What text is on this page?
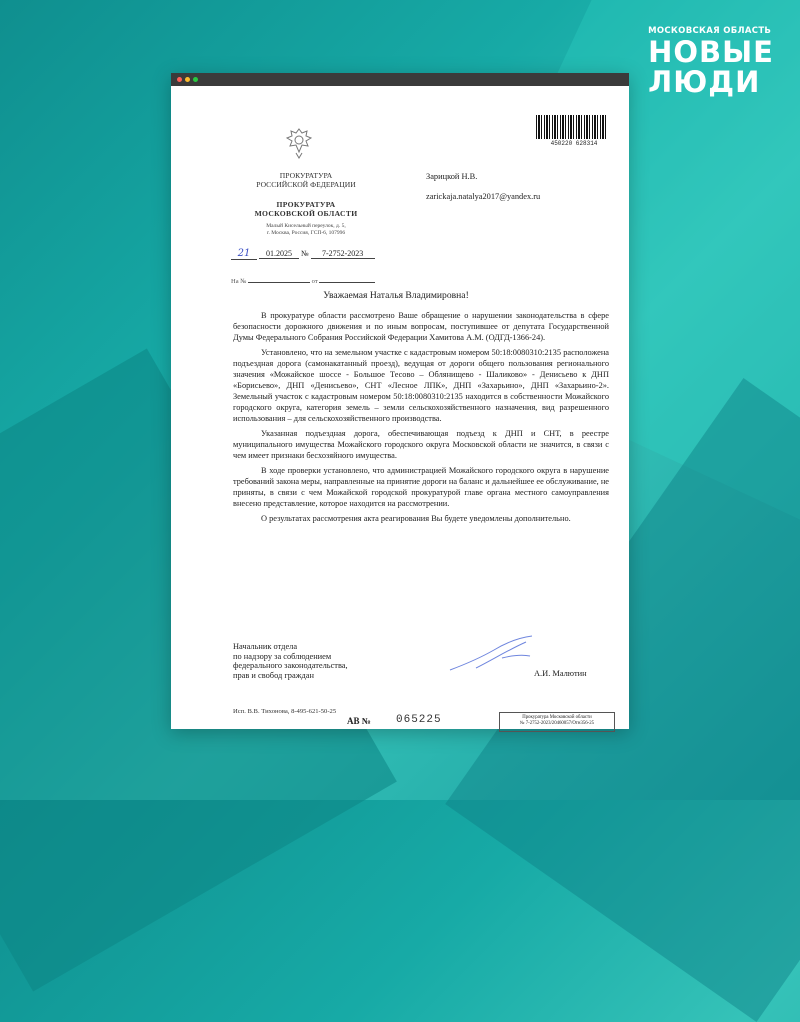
МОСКОВСКАЯ ОБЛАСТЬ
НОВЫЕ
ЛЮДИ
450220 628314
ПРОКУРАТУРА
РОССИЙСКОЙ ФЕДЕРАЦИИ
ПРОКУРАТУРА
МОСКОВСКОЙ ОБЛАСТИ
Малый Кисельный переулок, д. 5,
г. Москва, Россия, ГСП-6, 107996
Зарицкой Н.В.
zarickaja.natalya2017@yandex.ru
21 01.2025 № 7-2752-2023
На №	от
Уважаемая Наталья Владимировна!

В прокуратуре области рассмотрено Ваше обращение о нарушении законодательства в сфере безопасности дорожного движения и по иным вопросам, поступившее от депутата Государственной Думы Федерального Собрания Российской Федерации Хамитова А.М. (ОДГД-1366-24).

Установлено, что на земельном участке с кадастровым номером 50:18:0080310:2135 расположена подъездная дорога (самонакатанный проезд), ведущая от дороги общего пользования регионального значения «Можайское шоссе - Большое Тесово – Облянищево - Шаликово» - Денисьево к ДНП «Борисьево», ДНП «Денисьево», СНТ «Лесное ЛПК», ДНП «Захарьино», ДНП «Захарьино-2». Земельный участок с кадастровым номером 50:18:0080310:2135 находится в собственности Можайского городского округа, категория земель – земли сельскохозяйственного назначения, вид разрешенного использования – для сельскохозяйственного производства.

Указанная подъездная дорога, обеспечивающая подъезд к ДНП и СНТ, в реестре муниципального имущества Можайского городского округа Московской области не значится, в связи с чем имеет признаки бесхозяйного имущества.

В ходе проверки установлено, что администрацией Можайского городского округа в нарушение требований закона меры, направленные на принятие дороги на баланс и дальнейшее ее обслуживание, не приняты, в связи с чем Можайской городской прокуратурой главе органа местного самоуправления внесено представление, которое находится на рассмотрении.

О результатах рассмотрения акта реагирования Вы будете уведомлены дополнительно.

Начальник отдела
по надзору за соблюдением
федерального законодательства,
прав и свобод граждан	А.И. Малютин
Исп. В.В. Тихонова, 8-495-621-50-25
АВ № 065225	Прокуратура Московской области
№ 7-2752-2023/20460057/Отн356-25
